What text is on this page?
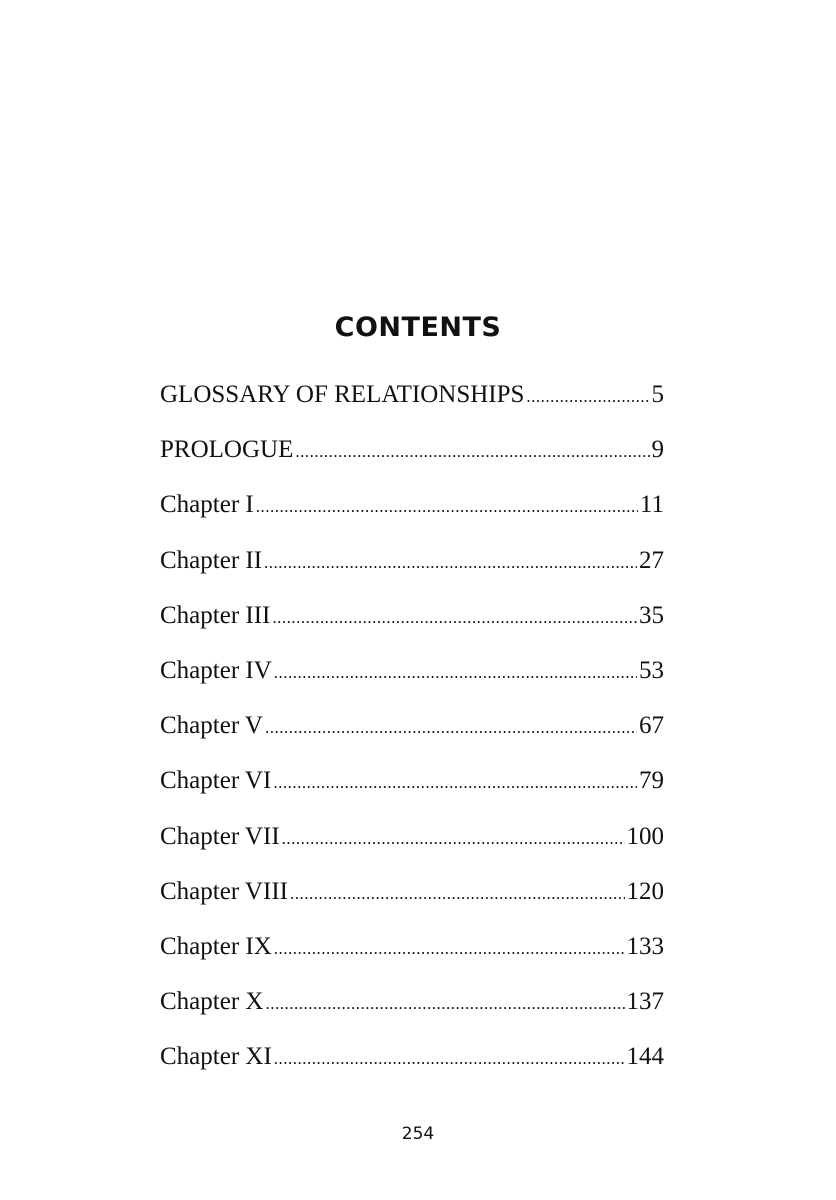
CONTENTS
GLOSSARY OF RELATIONSHIPS .....	5
PROLOGUE .....	9
Chapter I .....	11
Chapter II .....	27
Chapter III .....	35
Chapter IV .....	53
Chapter V .....	67
Chapter VI .....	79
Chapter VII .....	100
Chapter VIII .....	120
Chapter IX .....	133
Chapter X .....	137
Chapter XI .....	144
254
